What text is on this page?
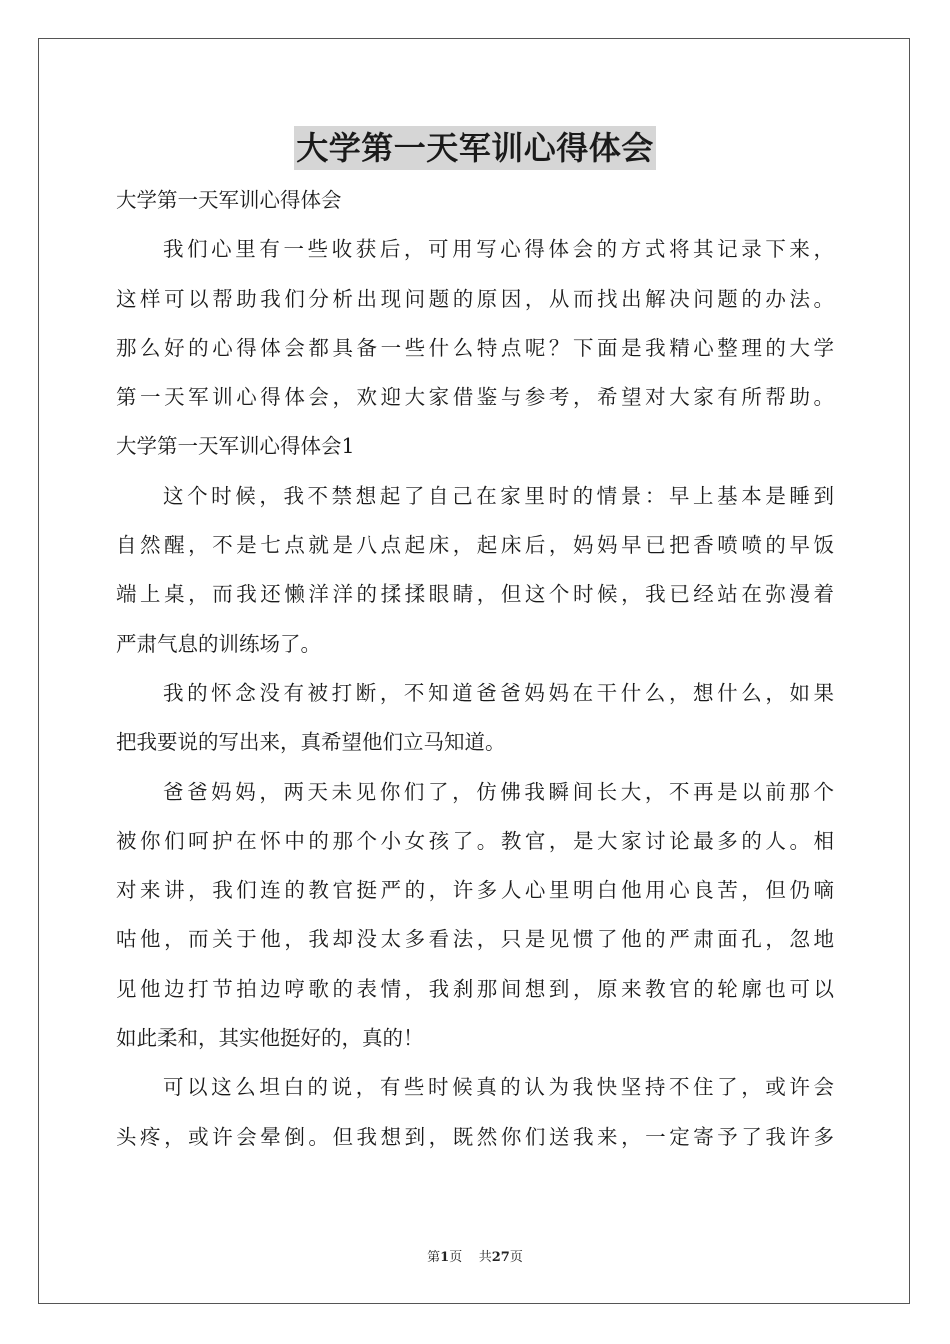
大学第一天军训心得体会
大学第一天军训心得体会
我们心里有一些收获后，可用写心得体会的方式将其记录下来，
这样可以帮助我们分析出现问题的原因，从而找出解决问题的办法。
那么好的心得体会都具备一些什么特点呢？下面是我精心整理的大学
第一天军训心得体会，欢迎大家借鉴与参考，希望对大家有所帮助。
大学第一天军训心得体会1
这个时候，我不禁想起了自己在家里时的情景：早上基本是睡到
自然醒，不是七点就是八点起床，起床后，妈妈早已把香喷喷的早饭
端上桌，而我还懒洋洋的揉揉眼睛，但这个时候，我已经站在弥漫着
严肃气息的训练场了。
我的怀念没有被打断，不知道爸爸妈妈在干什么，想什么，如果
把我要说的写出来，真希望他们立马知道。
爸爸妈妈，两天未见你们了，仿佛我瞬间长大，不再是以前那个
被你们呵护在怀中的那个小女孩了。教官，是大家讨论最多的人。相
对来讲，我们连的教官挺严的，许多人心里明白他用心良苦，但仍嘀
咕他，而关于他，我却没太多看法，只是见惯了他的严肃面孔，忽地
见他边打节拍边哼歌的表情，我刹那间想到，原来教官的轮廓也可以
如此柔和，其实他挺好的，真的！
可以这么坦白的说，有些时候真的认为我快坚持不住了，或许会
头疼，或许会晕倒。但我想到，既然你们送我来，一定寄予了我许多
第1页 共27页
